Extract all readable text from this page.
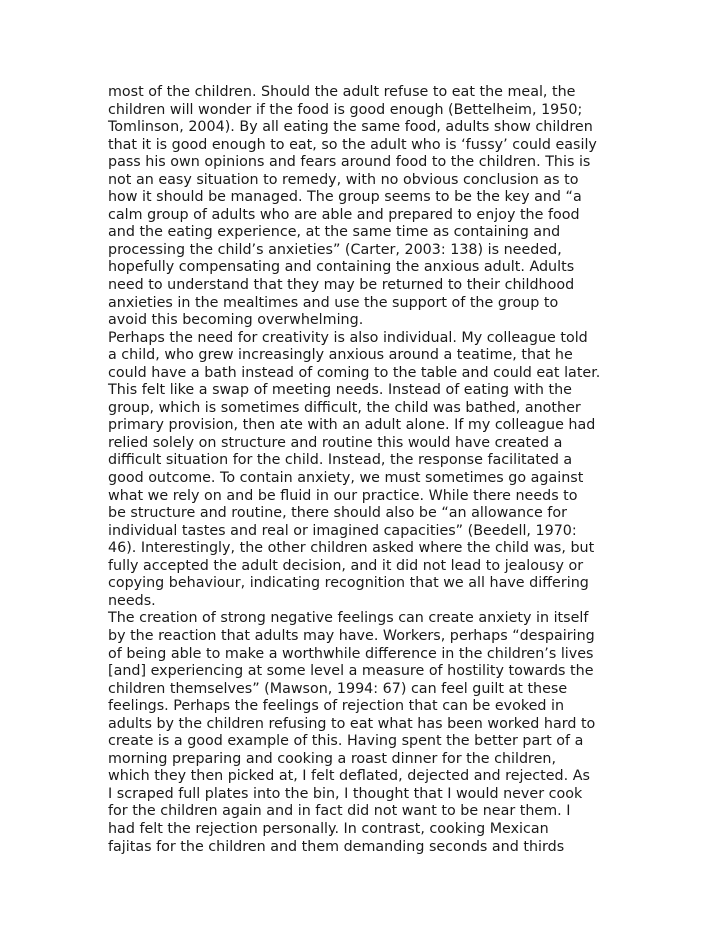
most of the children. Should the adult refuse to eat the meal, the
children will wonder if the food is good enough (Bettelheim, 1950;
Tomlinson, 2004). By all eating the same food, adults show children
that it is good enough to eat, so the adult who is ‘fussy’ could easily
pass his own opinions and fears around food to the children. This is
not an easy situation to remedy, with no obvious conclusion as to
how it should be managed. The group seems to be the key and “a
calm group of adults who are able and prepared to enjoy the food
and the eating experience, at the same time as containing and
processing the child’s anxieties” (Carter, 2003: 138) is needed,
hopefully compensating and containing the anxious adult. Adults
need to understand that they may be returned to their childhood
anxieties in the mealtimes and use the support of the group to
avoid this becoming overwhelming.
Perhaps the need for creativity is also individual. My colleague told
a child, who grew increasingly anxious around a teatime, that he
could have a bath instead of coming to the table and could eat later.
This felt like a swap of meeting needs. Instead of eating with the
group, which is sometimes difficult, the child was bathed, another
primary provision, then ate with an adult alone. If my colleague had
relied solely on structure and routine this would have created a
difficult situation for the child. Instead, the response facilitated a
good outcome. To contain anxiety, we must sometimes go against
what we rely on and be fluid in our practice. While there needs to
be structure and routine, there should also be “an allowance for
individual tastes and real or imagined capacities” (Beedell, 1970:
46). Interestingly, the other children asked where the child was, but
fully accepted the adult decision, and it did not lead to jealousy or
copying behaviour, indicating recognition that we all have differing
needs.
The creation of strong negative feelings can create anxiety in itself
by the reaction that adults may have. Workers, perhaps “despairing
of being able to make a worthwhile difference in the children’s lives
[and] experiencing at some level a measure of hostility towards the
children themselves” (Mawson, 1994: 67) can feel guilt at these
feelings. Perhaps the feelings of rejection that can be evoked in
adults by the children refusing to eat what has been worked hard to
create is a good example of this. Having spent the better part of a
morning preparing and cooking a roast dinner for the children,
which they then picked at, I felt deflated, dejected and rejected. As
I scraped full plates into the bin, I thought that I would never cook
for the children again and in fact did not want to be near them. I
had felt the rejection personally. In contrast, cooking Mexican
fajitas for the children and them demanding seconds and thirds
